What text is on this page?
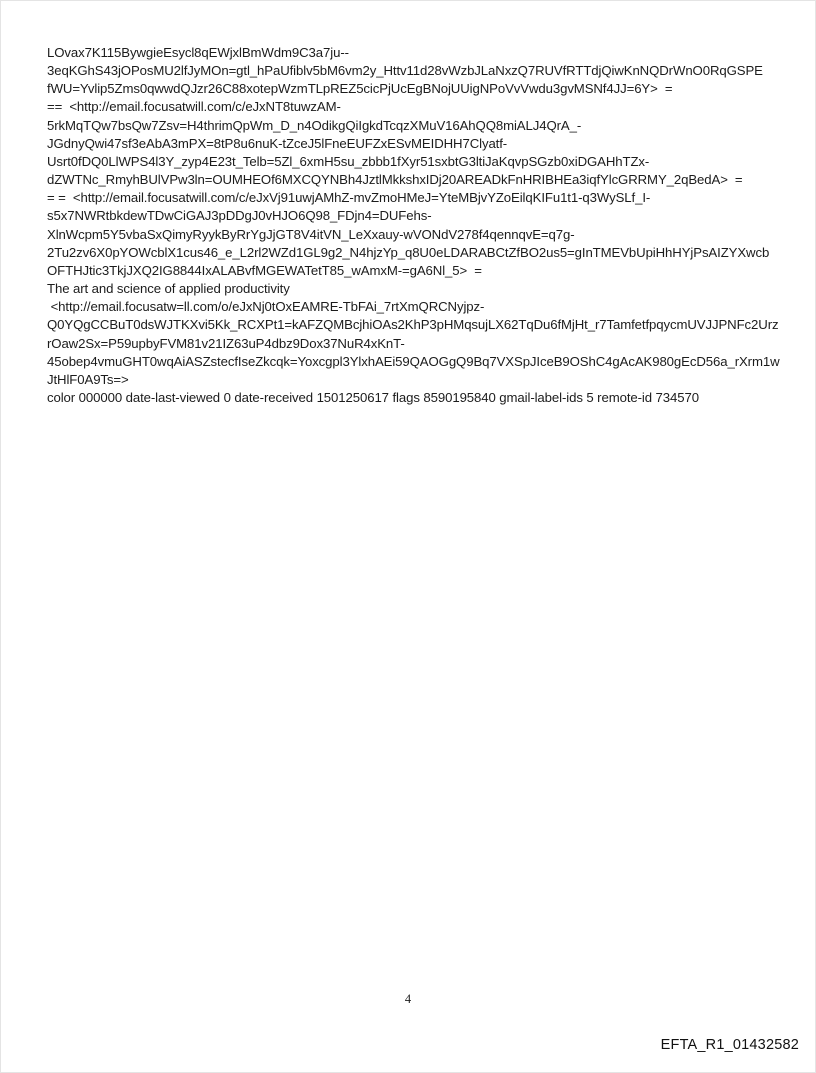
LOvax7K115BywgieEsycl8qEWjxlBmWdm9C3a7ju--
3eqKGhS43jOPosMU2lfJyMOn=gtl_hPaUfiblv5bM6vm2y_Httv11d28vWzbJLaNxzQ7RUVfRTTdjQiwKnNQDrWnO0RqGSPE
fWU=Yvlip5Zms0qwwdQJzr26C88xotepWzmTLpREZ5cicPjUcEgBNojUUigNPoVvVwdu3gvMSNf4JJ=6Y>  =
==  <http://email.focusatwill.com/c/eJxNT8tuwzAM-
5rkMqTQw7bsQw7Zsv=H4thrimQpWm_D_n4OdikgQiIgkdTcqzXMuV16AhQQ8miALJ4QrA_-
JGdnyQwi47sf3eAbA3mPX=8tP8u6nuK-tZceJ5lFneEUFZxESvMEIDHH7Clyatf-
Usrt0fDQ0LlWPS4l3Y_zyp4E23t_Telb=5Zl_6xmH5su_zbbb1fXyr51sxbtG3ltiJaKqvpSGzb0xiDGAHhTZx-
dZWTNc_RmyhBUlVPw3ln=OUMHEOf6MXCQYNBh4JztlMkkshxIDj20AREADkFnHRIBHEa3iqfYlcGRRMY_2qBedA>  =
= =  <http://email.focusatwill.com/c/eJxVj91uwjAMhZ-mvZmoHMeJ=YteMBjvYZoEilqKIFu1t1-q3WySLf_I-
s5x7NWRtbkdewTDwCiGAJ3pDDgJ0vHJO6Q98_FDjn4=DUFehs-
XlnWcpm5Y5vbaSxQimyRyykByRrYgJjGT8V4itVN_LeXxauy-wVONdV278f4qennqvE=q7g-
2Tu2zv6X0pYOWcblX1cus46_e_L2rl2WZd1GL9g2_N4hjzYp_q8U0eLDARABCtZfBO2us5=gInTMEVbUpiHhHYjPsAIZYXwcb
OFTHJtic3TkjJXQ2IG8844IxALABvfMGEWATetT85_wAmxM-=gA6Nl_5>  =
The art and science of applied productivity
<http://email.focusatw=ll.com/o/eJxNj0tOxEAMRE-TbFAi_7rtXmQRCNyjpz-
Q0YQgCCBuT0dsWJTKXvi5Kk_RCXPt1=kAFZQMBcjhiOAs2KhP3pHMqsujLX62TqDu6fMjHt_r7TamfetfpqycmUVJJPNFc2Urz
rOaw2Sx=P59upbyFVM81v21IZ63uP4dbz9Dox37NuR4xKnT-
45obep4vmuGHT0wqAiASZstecfIseZkcqk=Yoxcgpl3YlxhAEi59QAOGgQ9Bq7VXSpJIceB9OShC4gAcAK980gEcD56a_rXrm1w
JtHlF0A9Ts=>
color 000000 date-last-viewed 0 date-received 1501250617 flags 8590195840 gmail-label-ids 5 remote-id 734570
4
EFTA_R1_01432582
